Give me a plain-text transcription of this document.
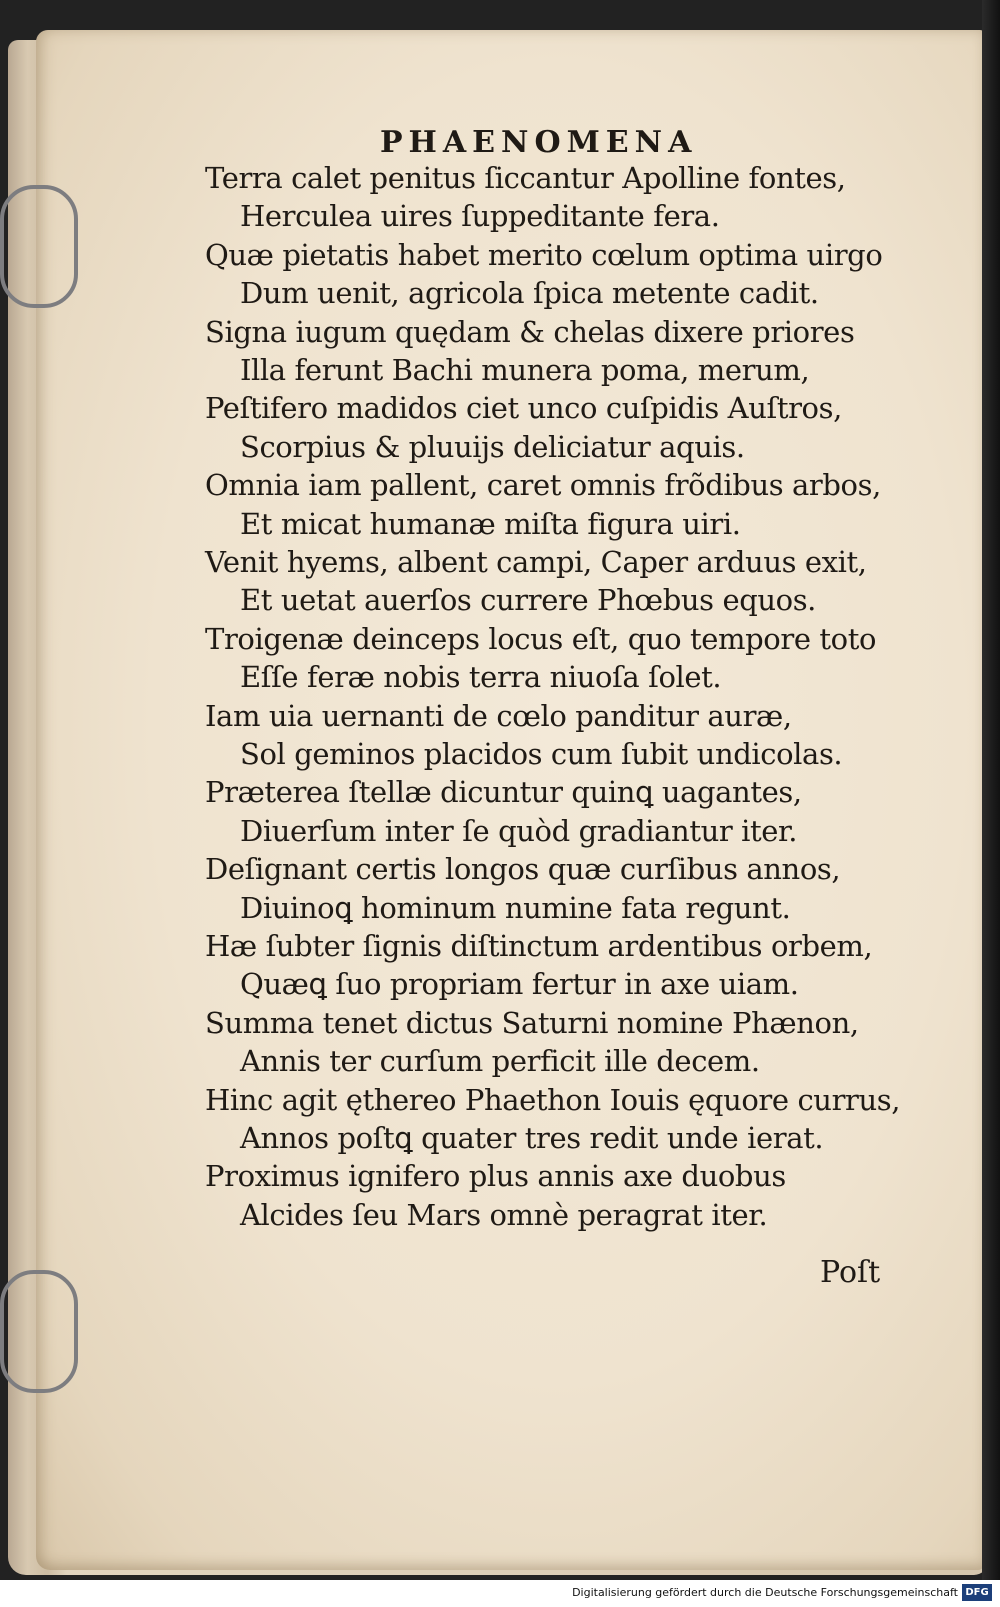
PHAENOMENA
Terra calet penitus ſiccantur Apolline fontes,
Herculea uires ſuppeditante fera.
Quæ pietatis habet merito cœlum optima uirgo
Dum uenit, agricola ſpica metente cadit.
Signa iugum quędam & chelas dixere priores
Illa ferunt Bachi munera poma, merum,
Peſtifero madidos ciet unco cuſpidis Auſtros,
Scorpius & pluuijs deliciatur aquis.
Omnia iam pallent, caret omnis frõdibus arbos,
Et micat humanæ miſta figura uiri.
Venit hyems, albent campi, Caper arduus exit,
Et uetat auerſos currere Phœbus equos.
Troigenæ deinceps locus eſt, quo tempore toto
Eſſe feræ nobis terra niuoſa ſolet.
Iam uia uernanti de cœlo panditur auræ,
Sol geminos placidos cum ſubit undicolas.
Præterea ſtellæ dicuntur quinꝗ uagantes,
Diuerſum inter ſe quòd gradiantur iter.
Deſignant certis longos quæ curſibus annos,
Diuinoꝗ hominum numine fata regunt.
Hæ ſubter ſignis diſtinctum ardentibus orbem,
Quæꝗ ſuo propriam fertur in axe uiam.
Summa tenet dictus Saturni nomine Phænon,
Annis ter curſum perficit ille decem.
Hinc agit ęthereo Phaethon Iouis ęquore currus,
Annos poſtꝗ quater tres redit unde ierat.
Proximus ignifero plus annis axe duobus
Alcides ſeu Mars omnè peragrat iter.
Poſt
Digitalisierung gefördert durch die Deutsche Forschungsgemeinschaft DFG
